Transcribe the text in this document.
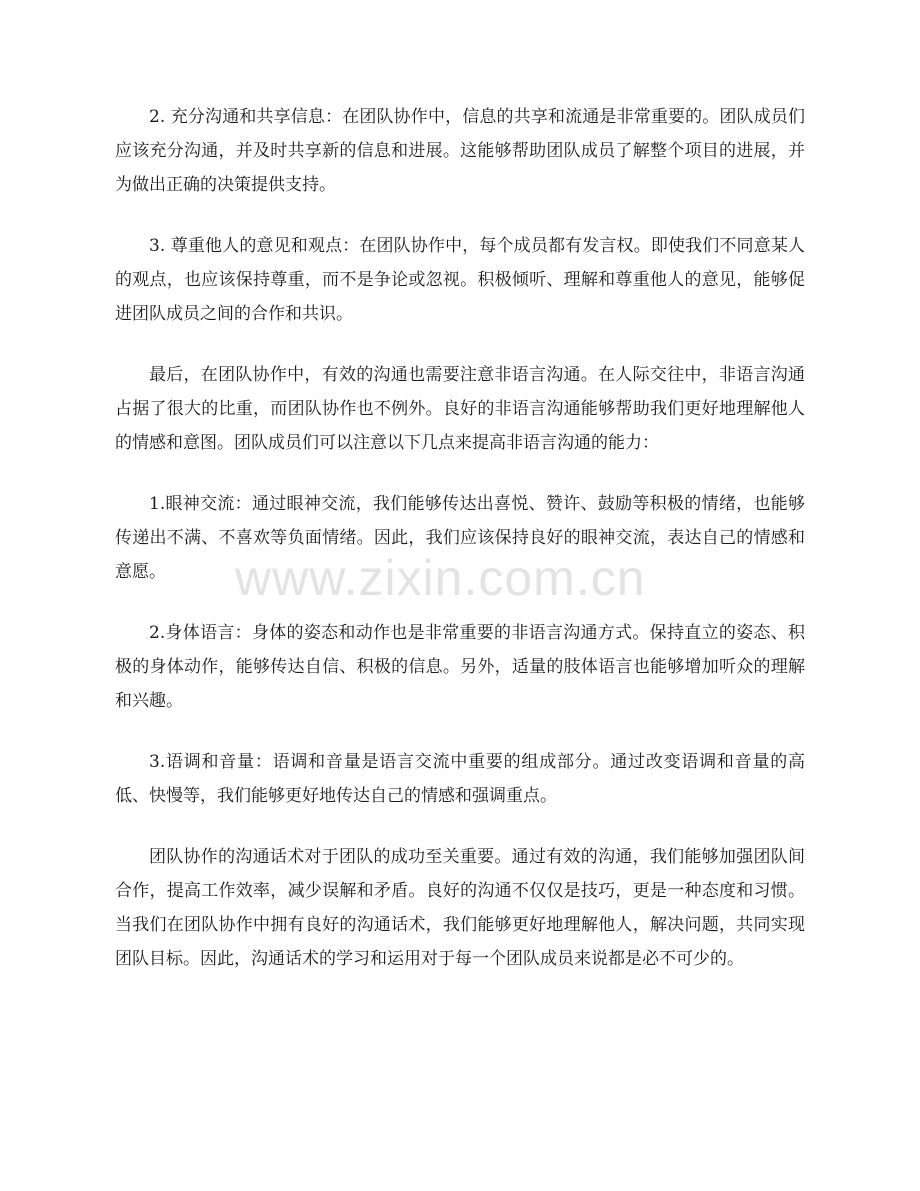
www.zixin.com.cn

2. 充分沟通和共享信息：在团队协作中，信息的共享和流通是非常重要的。团队成员们应该充分沟通，并及时共享新的信息和进展。这能够帮助团队成员了解整个项目的进展，并为做出正确的决策提供支持。

3. 尊重他人的意见和观点：在团队协作中，每个成员都有发言权。即使我们不同意某人的观点，也应该保持尊重，而不是争论或忽视。积极倾听、理解和尊重他人的意见，能够促进团队成员之间的合作和共识。

最后，在团队协作中，有效的沟通也需要注意非语言沟通。在人际交往中，非语言沟通占据了很大的比重，而团队协作也不例外。良好的非语言沟通能够帮助我们更好地理解他人的情感和意图。团队成员们可以注意以下几点来提高非语言沟通的能力：

1.眼神交流：通过眼神交流，我们能够传达出喜悦、赞许、鼓励等积极的情绪，也能够传递出不满、不喜欢等负面情绪。因此，我们应该保持良好的眼神交流，表达自己的情感和意愿。

2.身体语言：身体的姿态和动作也是非常重要的非语言沟通方式。保持直立的姿态、积极的身体动作，能够传达自信、积极的信息。另外，适量的肢体语言也能够增加听众的理解和兴趣。

3.语调和音量：语调和音量是语言交流中重要的组成部分。通过改变语调和音量的高低、快慢等，我们能够更好地传达自己的情感和强调重点。

团队协作的沟通话术对于团队的成功至关重要。通过有效的沟通，我们能够加强团队间合作，提高工作效率，减少误解和矛盾。良好的沟通不仅仅是技巧，更是一种态度和习惯。当我们在团队协作中拥有良好的沟通话术，我们能够更好地理解他人，解决问题，共同实现团队目标。因此，沟通话术的学习和运用对于每一个团队成员来说都是必不可少的。
